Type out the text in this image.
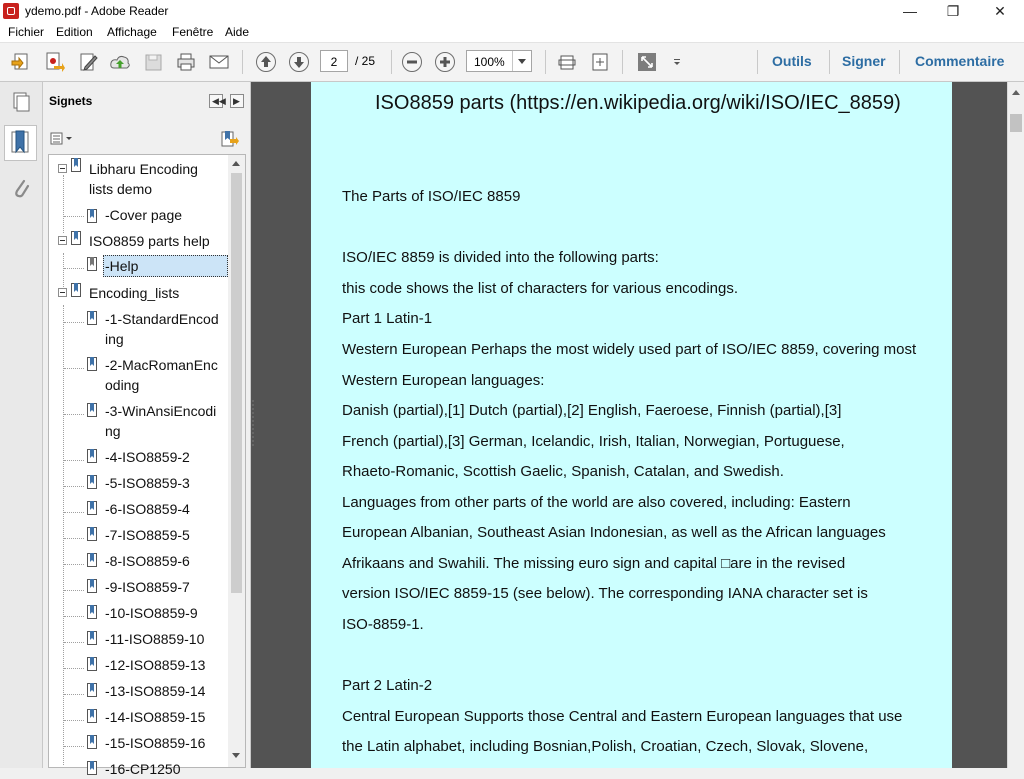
ydemo.pdf - Adobe Reader	—	❐	✕
Fichier Edition Affichage Fenêtre Aide
2	/ 25	100%	Outils Signer Commentaire
Signets	◀◀ ▶
Libharu Encoding
lists demo
-Cover page
ISO8859 parts help
-Help
Encoding_lists
-1-StandardEncod
ing
-2-MacRomanEnc
oding
-3-WinAnsiEncodi
ng
-4-ISO8859-2
-5-ISO8859-3
-6-ISO8859-4
-7-ISO8859-5
-8-ISO8859-6
-9-ISO8859-7
-10-ISO8859-9
-11-ISO8859-10
-12-ISO8859-13
-13-ISO8859-14
-14-ISO8859-15
-15-ISO8859-16
-16-CP1250
ISO8859 parts (https://en.wikipedia.org/wiki/ISO/IEC_8859)
The Parts of ISO/IEC 8859
ISO/IEC 8859 is divided into the following parts:
this code shows the list of characters for various encodings.
Part 1 Latin-1
Western European Perhaps the most widely used part of ISO/IEC 8859, covering most
Western European languages:
Danish (partial),[1] Dutch (partial),[2] English, Faeroese, Finnish (partial),[3]
French (partial),[3] German, Icelandic, Irish, Italian, Norwegian, Portuguese,
Rhaeto-Romanic, Scottish Gaelic, Spanish, Catalan, and Swedish.
Languages from other parts of the world are also covered, including: Eastern
European Albanian, Southeast Asian Indonesian, as well as the African languages
Afrikaans and Swahili. The missing euro sign and capital □are in the revised
version ISO/IEC 8859-15 (see below). The corresponding IANA character set is
ISO-8859-1.
Part 2 Latin-2
Central European Supports those Central and Eastern European languages that use
the Latin alphabet, including Bosnian,Polish, Croatian, Czech, Slovak, Slovene,
